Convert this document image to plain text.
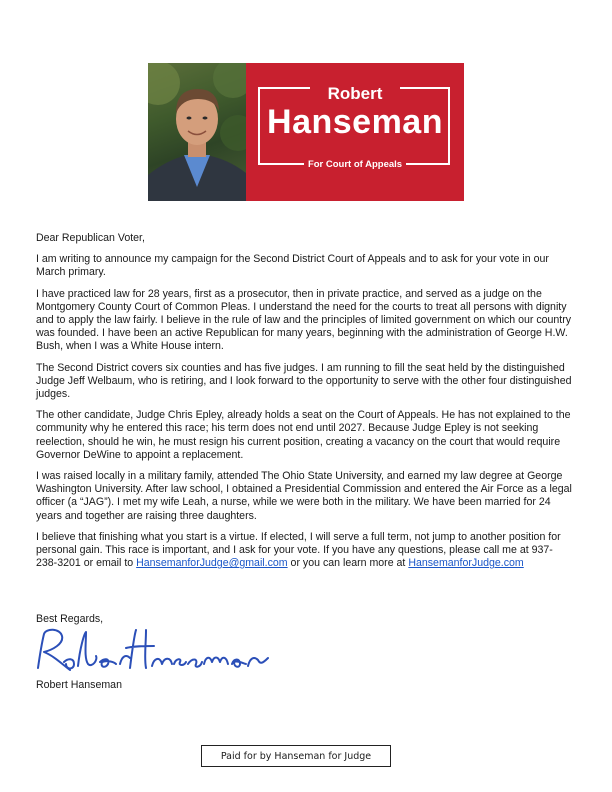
Robert
Hanseman
For Court of Appeals

Dear Republican Voter,

I am writing to announce my campaign for the Second District Court of Appeals and to ask for your vote in our March primary.

I have practiced law for 28 years, first as a prosecutor, then in private practice, and served as a judge on the Montgomery County Court of Common Pleas. I understand the need for the courts to treat all persons with dignity and to apply the law fairly. I believe in the rule of law and the principles of limited government on which our country was founded. I have been an active Republican for many years, beginning with the administration of George H.W. Bush, when I was a White House intern.

The Second District covers six counties and has five judges. I am running to fill the seat held by the distinguished Judge Jeff Welbaum, who is retiring, and I look forward to the opportunity to serve with the other four distinguished judges.

The other candidate, Judge Chris Epley, already holds a seat on the Court of Appeals. He has not explained to the community why he entered this race; his term does not end until 2027. Because Judge Epley is not seeking reelection, should he win, he must resign his current position, creating a vacancy on the court that would require Governor DeWine to appoint a replacement.

I was raised locally in a military family, attended The Ohio State University, and earned my law degree at George Washington University. After law school, I obtained a Presidential Commission and entered the Air Force as a legal officer (a “JAG”). I met my wife Leah, a nurse, while we were both in the military. We have been married for 24 years and together are raising three daughters.

I believe that finishing what you start is a virtue. If elected, I will serve a full term, not jump to another position for personal gain. This race is important, and I ask for your vote. If you have any questions, please call me at 937-238-3201 or email to HansemanforJudge@gmail.com or you can learn more at HansemanforJudge.com

Best Regards,
Robert Hanseman
Paid for by Hanseman for Judge
